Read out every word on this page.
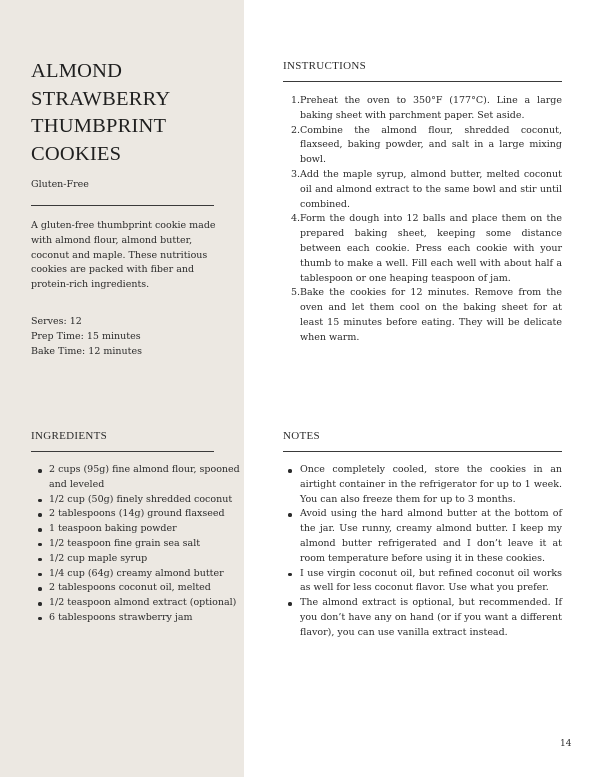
ALMOND
STRAWBERRY
THUMBPRINT
COOKIES

Gluten-Free

A gluten-free thumbprint cookie made with almond flour, almond butter, coconut and maple. These nutritious cookies are packed with fiber and protein-rich ingredients.

Serves: 12
Prep Time: 15 minutes
Bake Time: 12 minutes
INSTRUCTIONS
1. Preheat the oven to 350°F (177°C). Line a large baking sheet with parchment paper. Set aside.
2. Combine the almond flour, shredded coconut, flaxseed, baking powder, and salt in a large mixing bowl.
3. Add the maple syrup, almond butter, melted coconut oil and almond extract to the same bowl and stir until combined.
4. Form the dough into 12 balls and place them on the prepared baking sheet, keeping some distance between each cookie. Press each cookie with your thumb to make a well. Fill each well with about half a tablespoon or one heaping teaspoon of jam.
5. Bake the cookies for 12 minutes. Remove from the oven and let them cool on the baking sheet for at least 15 minutes before eating. They will be delicate when warm.
INGREDIENTS
2 cups (95g) fine almond flour, spooned and leveled
1/2 cup (50g) finely shredded coconut
2 tablespoons (14g) ground flaxseed
1 teaspoon baking powder
1/2 teaspoon fine grain sea salt
1/2 cup maple syrup
1/4 cup (64g) creamy almond butter
2 tablespoons coconut oil, melted
1/2 teaspoon almond extract (optional)
6 tablespoons strawberry jam
NOTES
Once completely cooled, store the cookies in an airtight container in the refrigerator for up to 1 week. You can also freeze them for up to 3 months.
Avoid using the hard almond butter at the bottom of the jar. Use runny, creamy almond butter. I keep my almond butter refrigerated and I don’t leave it at room temperature before using it in these cookies.
I use virgin coconut oil, but refined coconut oil works as well for less coconut flavor. Use what you prefer.
The almond extract is optional, but recommended. If you don’t have any on hand (or if you want a different flavor), you can use vanilla extract instead.

14
